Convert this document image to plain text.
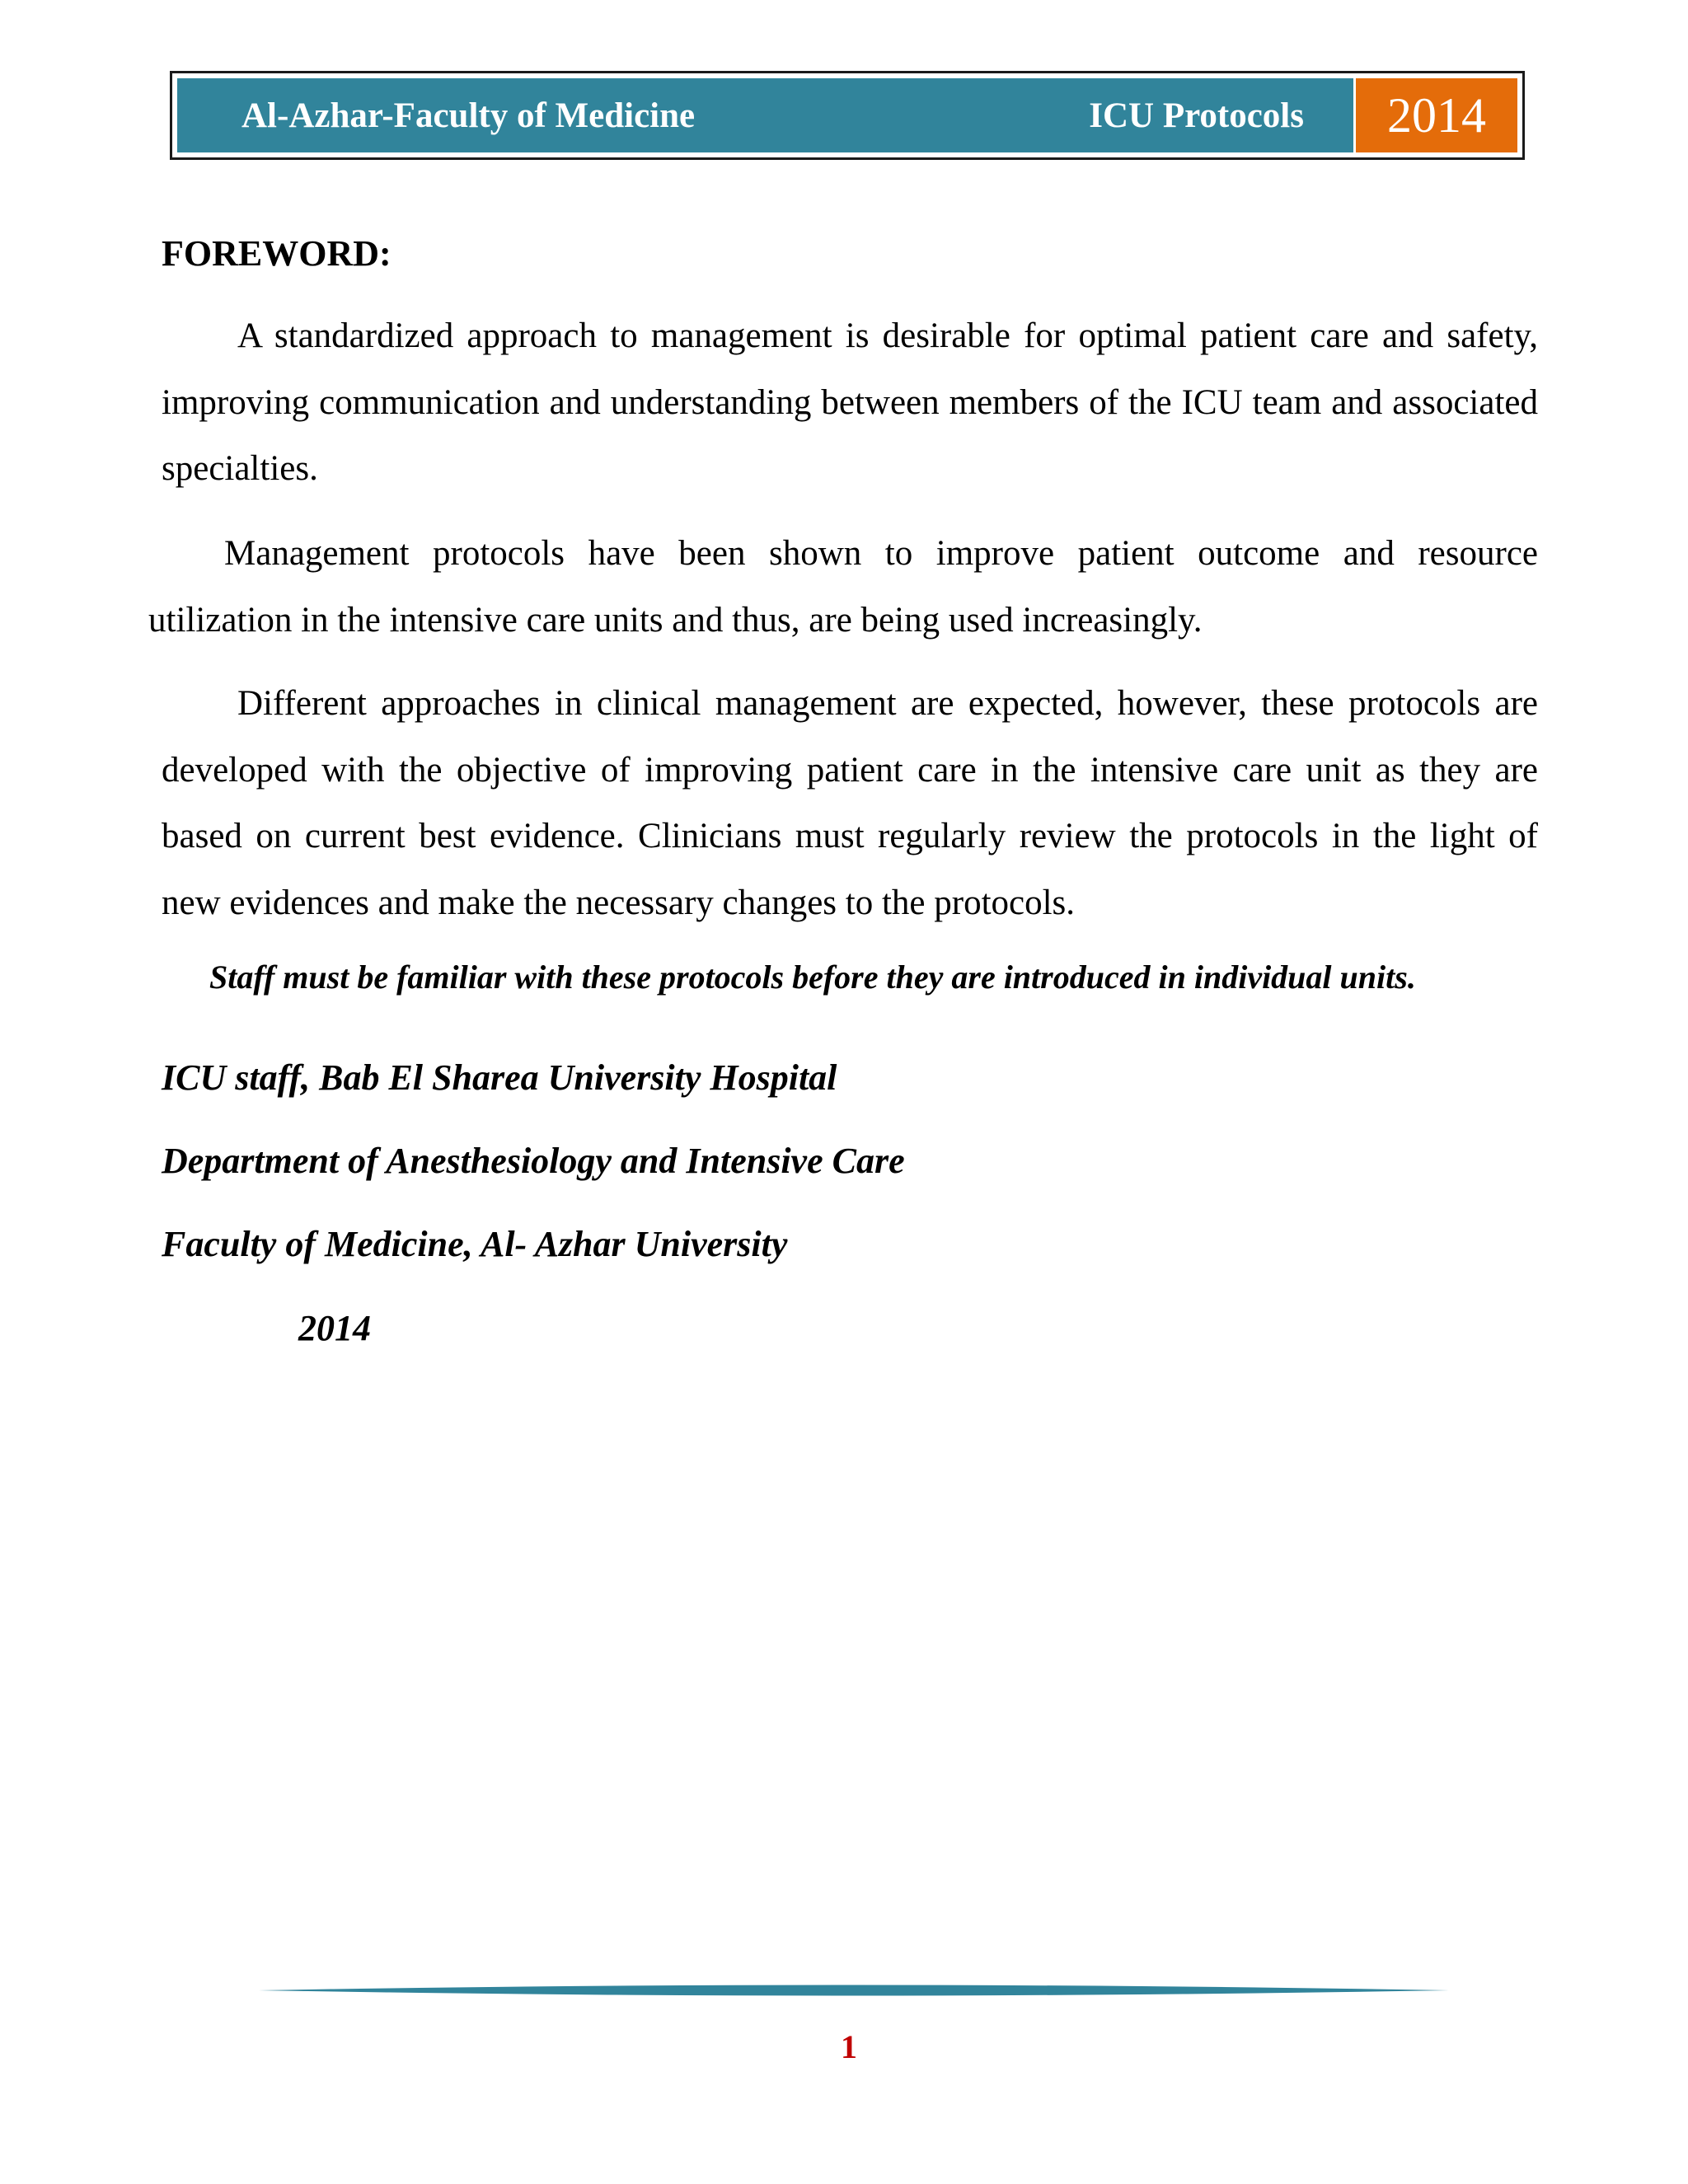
Al-Azhar-Faculty of Medicine	ICU Protocols	2014
FOREWORD:

A standardized approach to management is desirable for optimal patient care and safety, improving communication and understanding between members of the ICU team and associated specialties.

Management protocols have been shown to improve patient outcome and resource utilization in the intensive care units and thus, are being used increasingly.

Different approaches in clinical management are expected, however, these protocols are developed with the objective of improving patient care in the intensive care unit as they are based on current best evidence. Clinicians must regularly review the protocols in the light of new evidences and make the necessary changes to the protocols.

Staff must be familiar with these protocols before they are introduced in individual units.

ICU staff, Bab El Sharea University Hospital

Department of Anesthesiology and Intensive Care

Faculty of Medicine, Al- Azhar University

2014

1
